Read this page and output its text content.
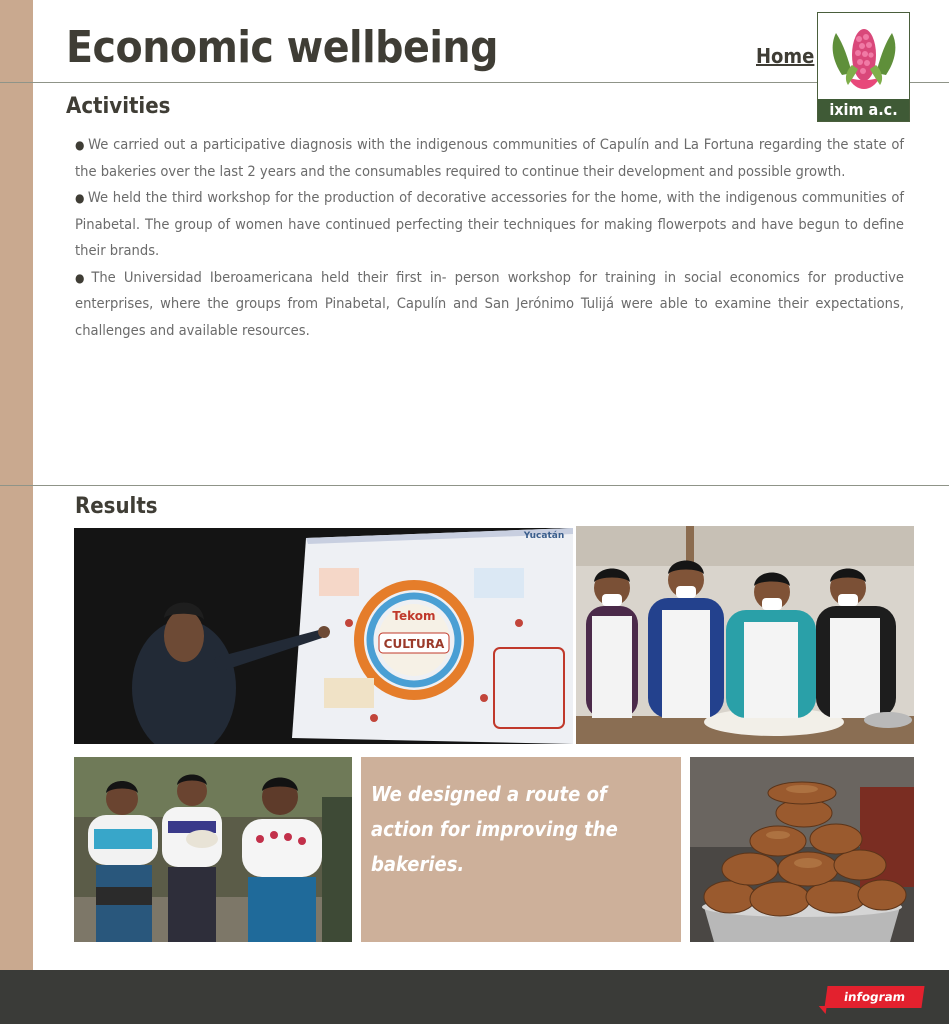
Economic wellbeing	Home
ixim a.c.
Activities

● We carried out a participative diagnosis with the indigenous communities of Capulín and La Fortuna regarding the state of the bakeries over the last 2 years and the consumables required to continue their development and possible growth.

● We held the third workshop for the production of decorative accessories for the home, with the indigenous communities of Pinabetal. The group of women have continued perfecting their techniques for making flowerpots and have begun to define their brands.

● The Universidad Iberoamericana held their first in- person workshop for training in social economics for productive enterprises, where the groups from Pinabetal, Capulín and San Jerónimo Tulijá were able to examine their expectations, challenges and available resources.

Results
CULTURA
Tekom
Yucatán

We designed a route of action for improving the bakeries.

infogram
